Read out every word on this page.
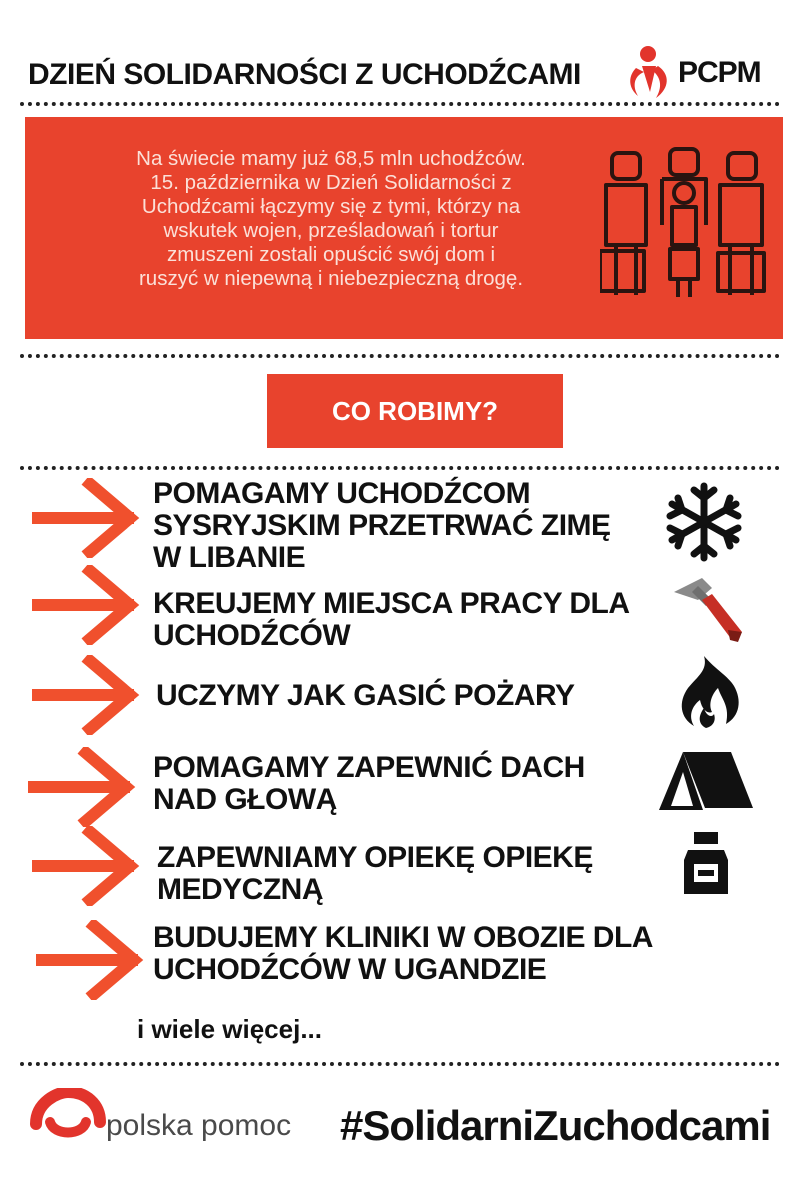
DZIEŃ SOLIDARNOŚCI Z UCHODŹCAMI	PCPM
Na świecie mamy już 68,5 mln uchodźców.
15. października w Dzień Solidarności z
Uchodźcami łączymy się z tymi, którzy na
wskutek wojen, prześladowań i tortur
zmuszeni zostali opuścić swój dom i
ruszyć w niepewną i niebezpieczną drogę.
CO ROBIMY?
POMAGAMY UCHODŹCOM
SYSRYJSKIM PRZETRWAĆ ZIMĘ
W LIBANIE
KREUJEMY MIEJSCA PRACY DLA
UCHODŹCÓW
UCZYMY JAK GASIĆ POŻARY
POMAGAMY ZAPEWNIĆ DACH
NAD GŁOWĄ
ZAPEWNIAMY OPIEKĘ OPIEKĘ
MEDYCZNĄ
BUDUJEMY KLINIKI W OBOZIE DLA
UCHODŹCÓW W UGANDZIE
i wiele więcej...
polska pomoc #SolidarniZuchodcami
